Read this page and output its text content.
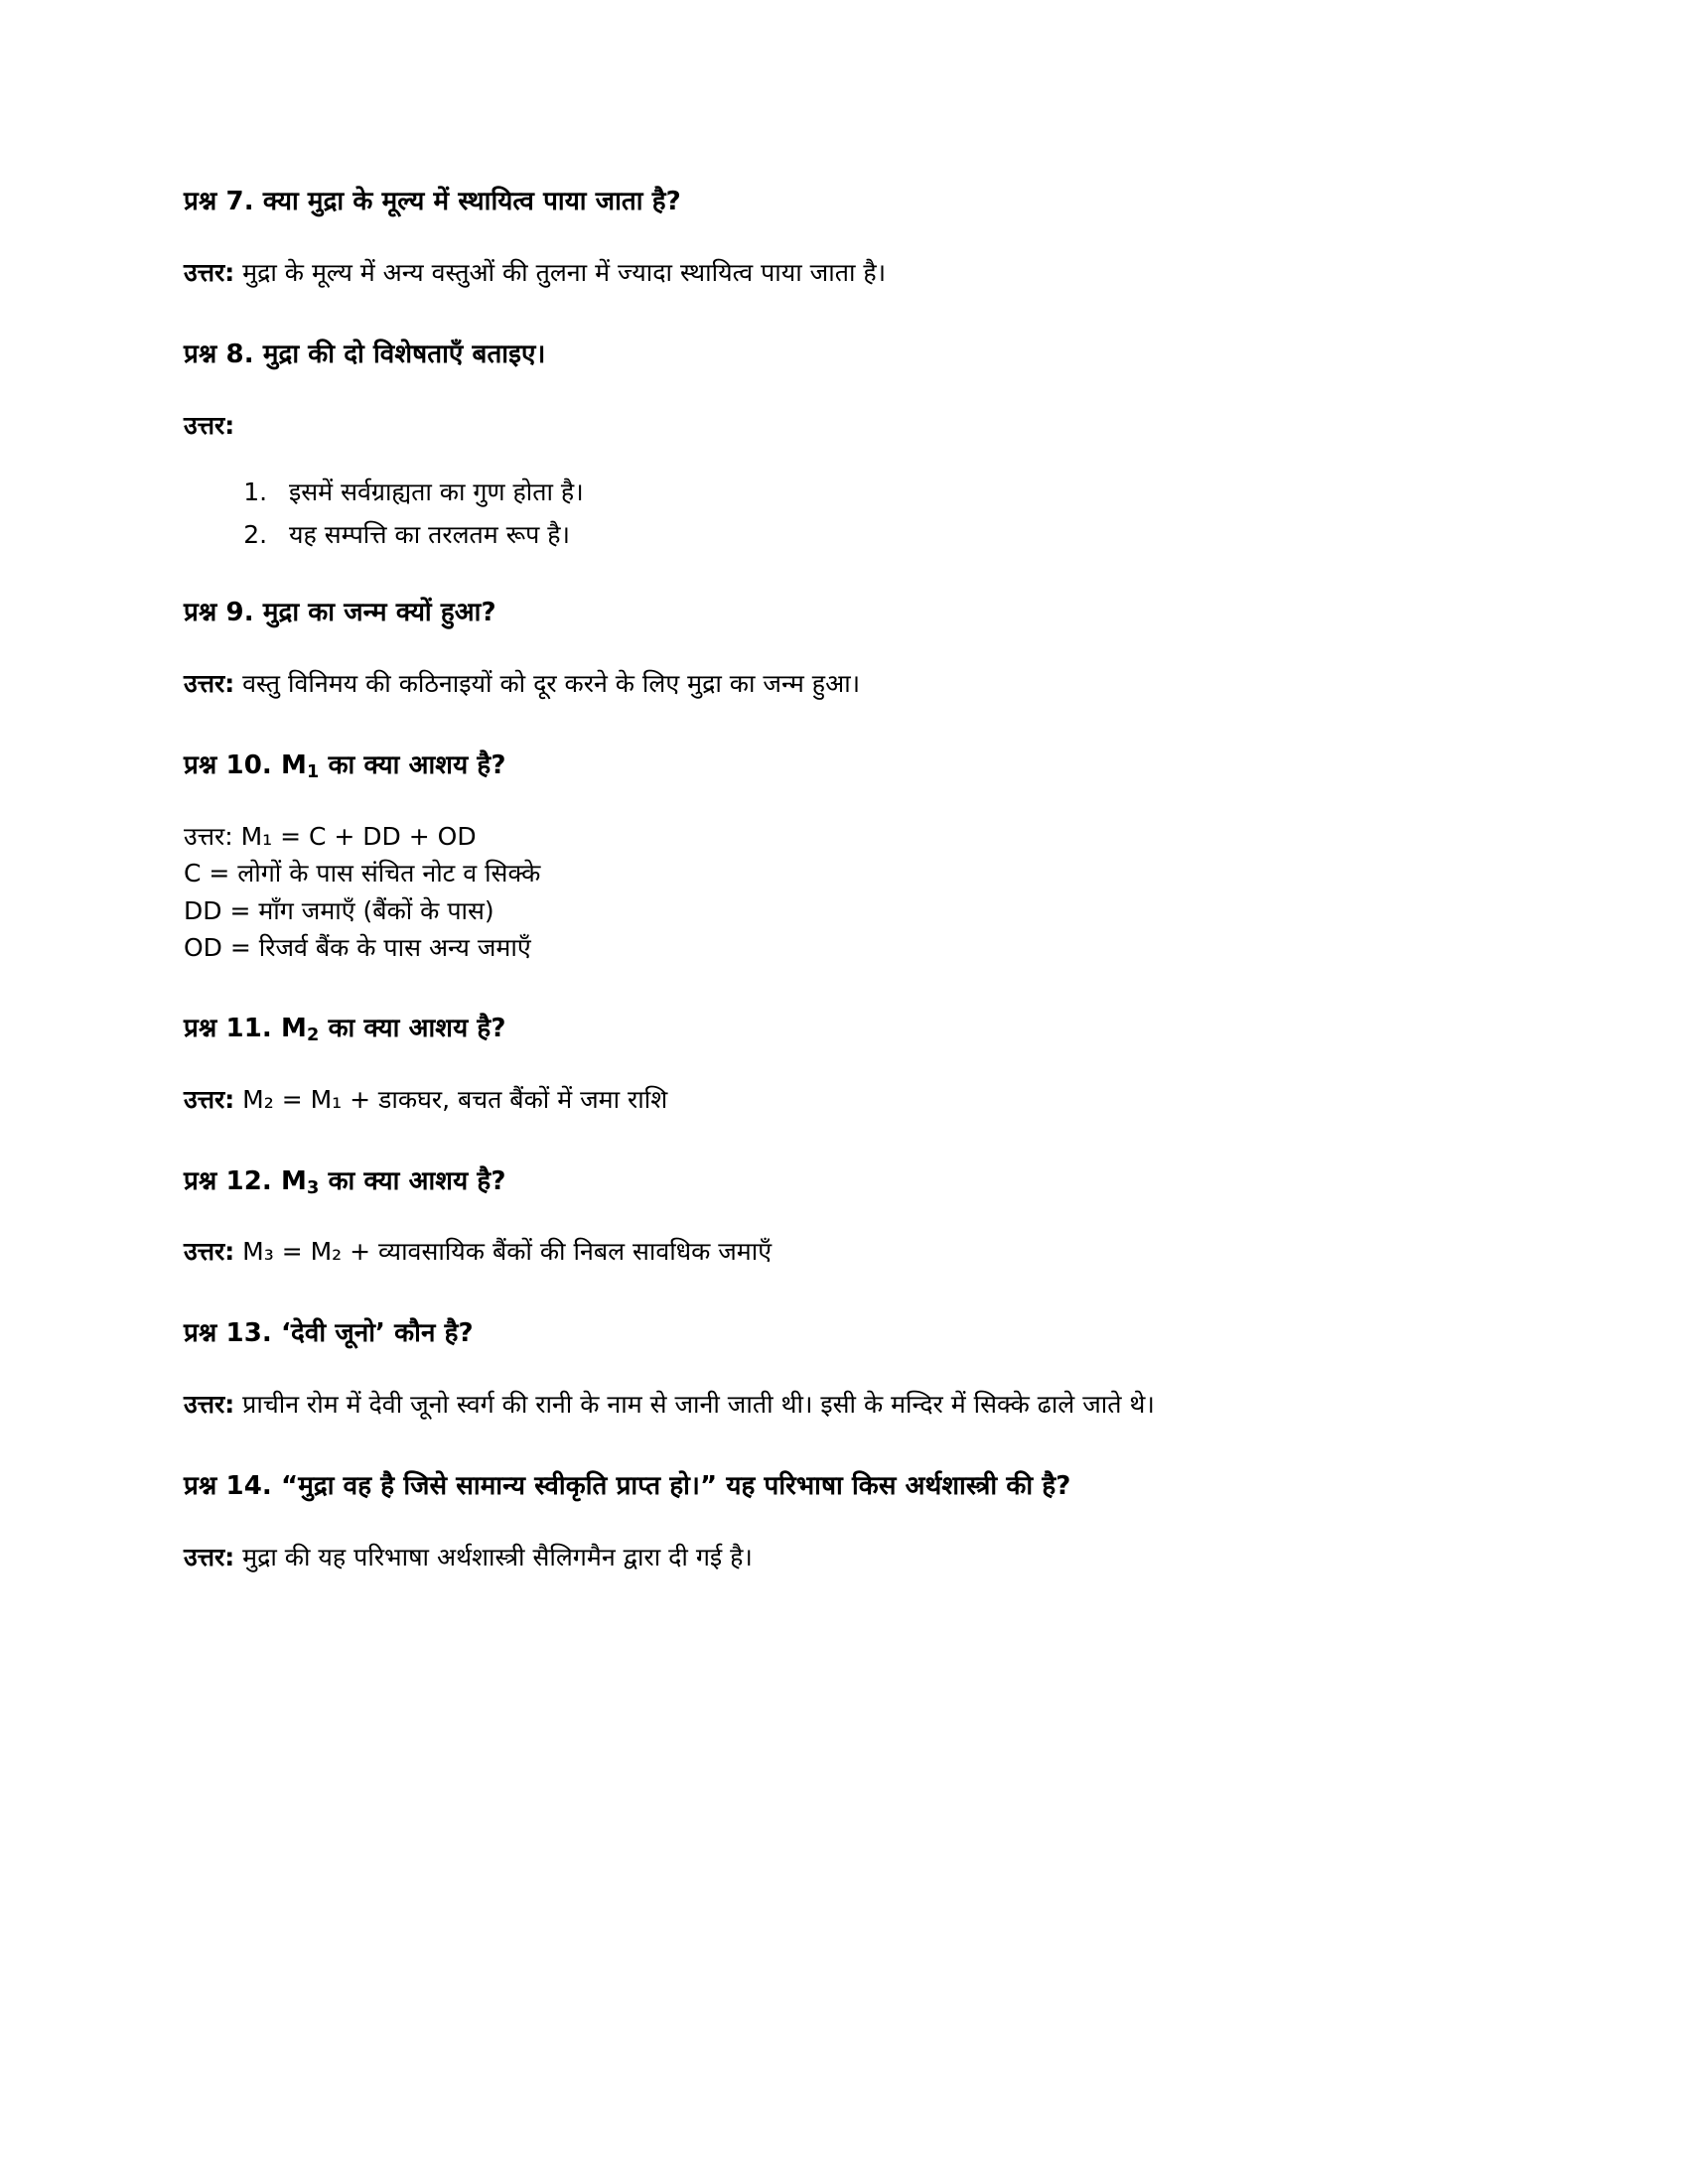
प्रश्न 7. क्या मुद्रा के मूल्य में स्थायित्व पाया जाता है?

उत्तर: मुद्रा के मूल्य में अन्य वस्तुओं की तुलना में ज्यादा स्थायित्व पाया जाता है।

प्रश्न 8. मुद्रा की दो विशेषताएँ बताइए।

उत्तर:

1. इसमें सर्वग्राह्यता का गुण होता है।
2. यह सम्पत्ति का तरलतम रूप है।

प्रश्न 9. मुद्रा का जन्म क्यों हुआ?

उत्तर: वस्तु विनिमय की कठिनाइयों को दूर करने के लिए मुद्रा का जन्म हुआ।

प्रश्न 10. $M_1$ का क्या आशय है?

उत्तर: M₁ = C + DD + OD
C = लोगों के पास संचित नोट व सिक्के
DD = माँग जमाएँ (बैंकों के पास)
OD = रिजर्व बैंक के पास अन्य जमाएँ

प्रश्न 11. $M_2$ का क्या आशय है?

उत्तर: M₂ = M₁ + डाकघर, बचत बैंकों में जमा राशि

प्रश्न 12. $M_3$ का क्या आशय है?

उत्तर: M₃ = M₂ + व्यावसायिक बैंकों की निबल सावधिक जमाएँ

प्रश्न 13. ‘देवी जूनो’ कौन है?

उत्तर: प्राचीन रोम में देवी जूनो स्वर्ग की रानी के नाम से जानी जाती थी। इसी के मन्दिर में सिक्के ढाले जाते थे।

प्रश्न 14. “मुद्रा वह है जिसे सामान्य स्वीकृति प्राप्त हो।” यह परिभाषा किस अर्थशास्त्री की है?

उत्तर: मुद्रा की यह परिभाषा अर्थशास्त्री सैलिगमैन द्वारा दी गई है।
